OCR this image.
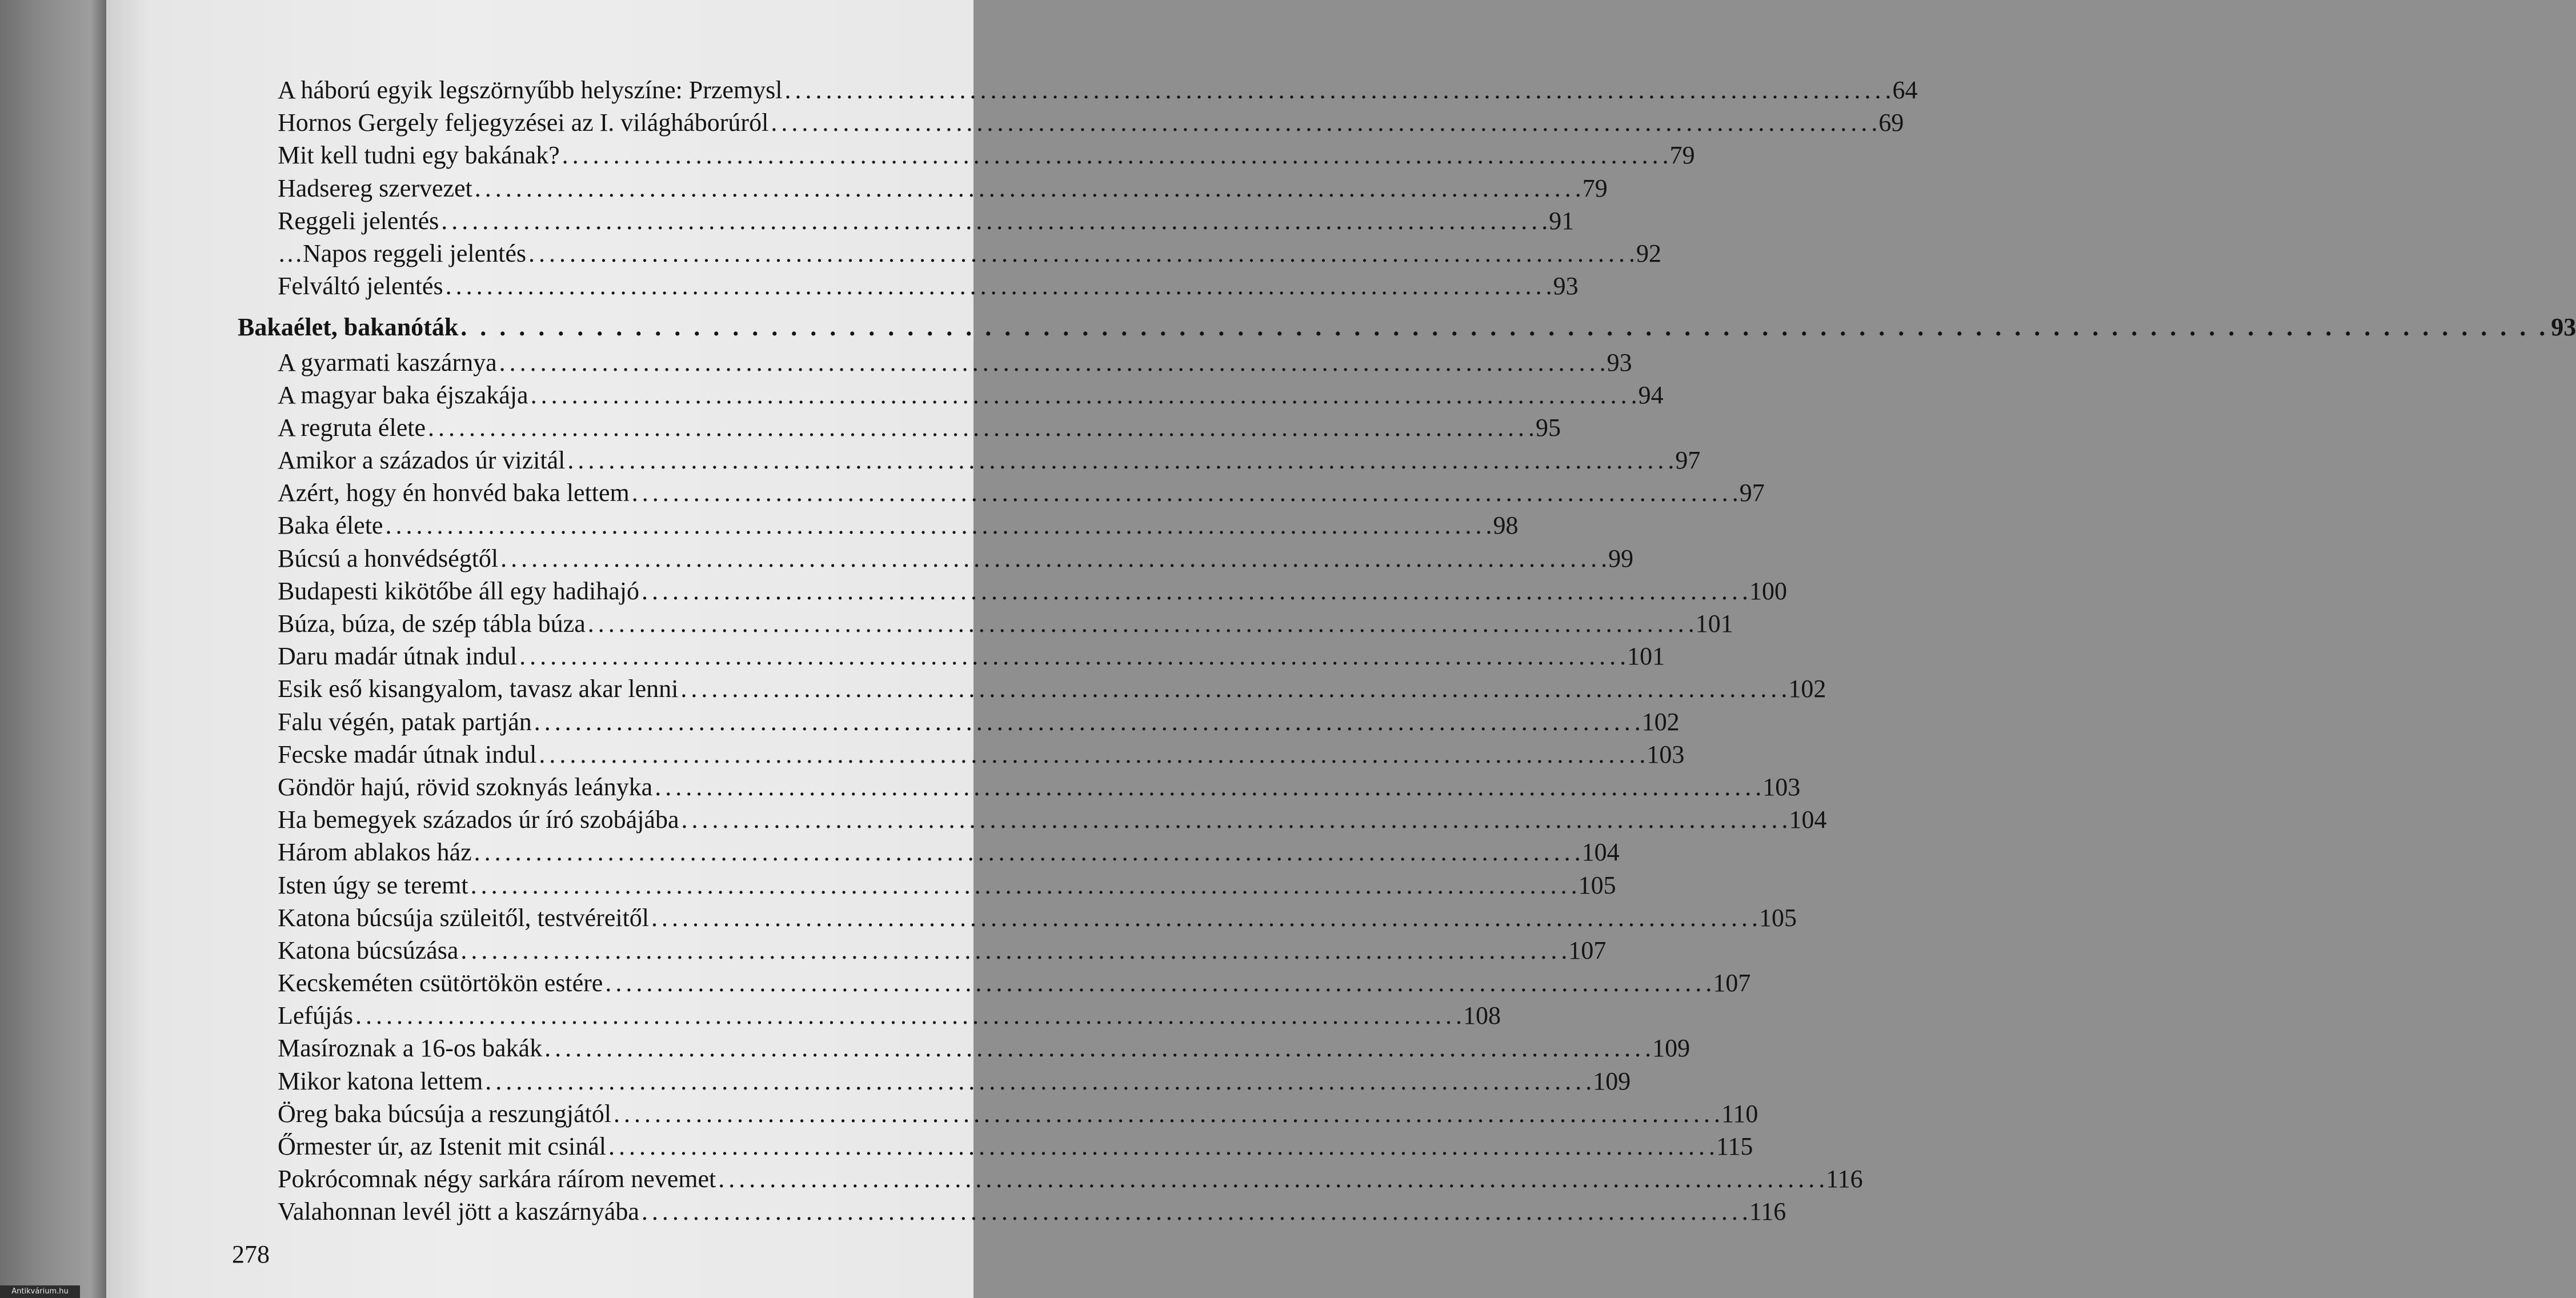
A háború egyik legszörnyűbb helyszíne: Przemysl . . .	64
Hornos Gergely feljegyzései az I. világháborúról . . .	69
Mit kell tudni egy bakának? . . .	79
Hadsereg szervezet . . .	79
Reggeli jelentés . . .	91
…Napos reggeli jelentés . . .	92
Felváltó jelentés . . .	93
Bakaélet, bakanóták . . .	93
A gyarmati kaszárnya . . .	93
A magyar baka éjszakája . . .	94
A regruta élete . . .	95
Amikor a százados úr vizitál . . .	97
Azért, hogy én honvéd baka lettem . . .	97
Baka élete . . .	98
Búcsú a honvédségtől . . .	99
Budapesti kikötőbe áll egy hadihajó . . .	100
Búza, búza, de szép tábla búza . . .	101
Daru madár útnak indul . . .	101
Esik eső kisangyalom, tavasz akar lenni . . .	102
Falu végén, patak partján . . .	102
Fecske madár útnak indul . . .	103
Göndör hajú, rövid szoknyás leányka . . .	103
Ha bemegyek százados úr író szobájába . . .	104
Három ablakos ház . . .	104
Isten úgy se teremt . . .	105
Katona búcsúja szüleitől, testvéreitől . . .	105
Katona búcsúzása . . .	107
Kecskeméten csütörtökön estére . . .	107
Lefújás . . .	108
Masíroznak a 16-os bakák . . .	109
Mikor katona lettem . . .	109
Öreg baka búcsúja a reszungjától . . .	110
Őrmester úr, az Istenit mit csinál . . .	115
Pokrócomnak négy sarkára ráírom nevemet . . .	116
Valahonnan levél jött a kaszárnyába . . .	116
278
Antikvárium.hu
